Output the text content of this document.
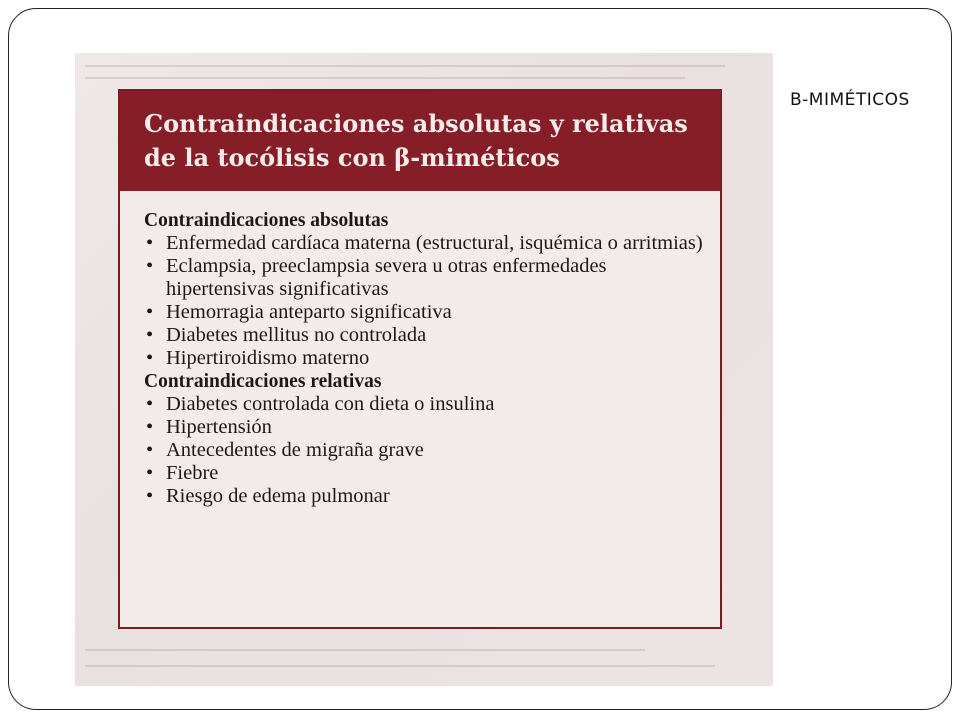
B-MIMÉTICOS
Contraindicaciones absolutas y relativas
de la tocólisis con β-miméticos
Contraindicaciones absolutas
• Enfermedad cardíaca materna (estructural, isquémica o arritmias)
• Eclampsia, preeclampsia severa u otras enfermedades hipertensivas significativas
• Hemorragia anteparto significativa
• Diabetes mellitus no controlada
• Hipertiroidismo materno
Contraindicaciones relativas
• Diabetes controlada con dieta o insulina
• Hipertensión
• Antecedentes de migraña grave
• Fiebre
• Riesgo de edema pulmonar
